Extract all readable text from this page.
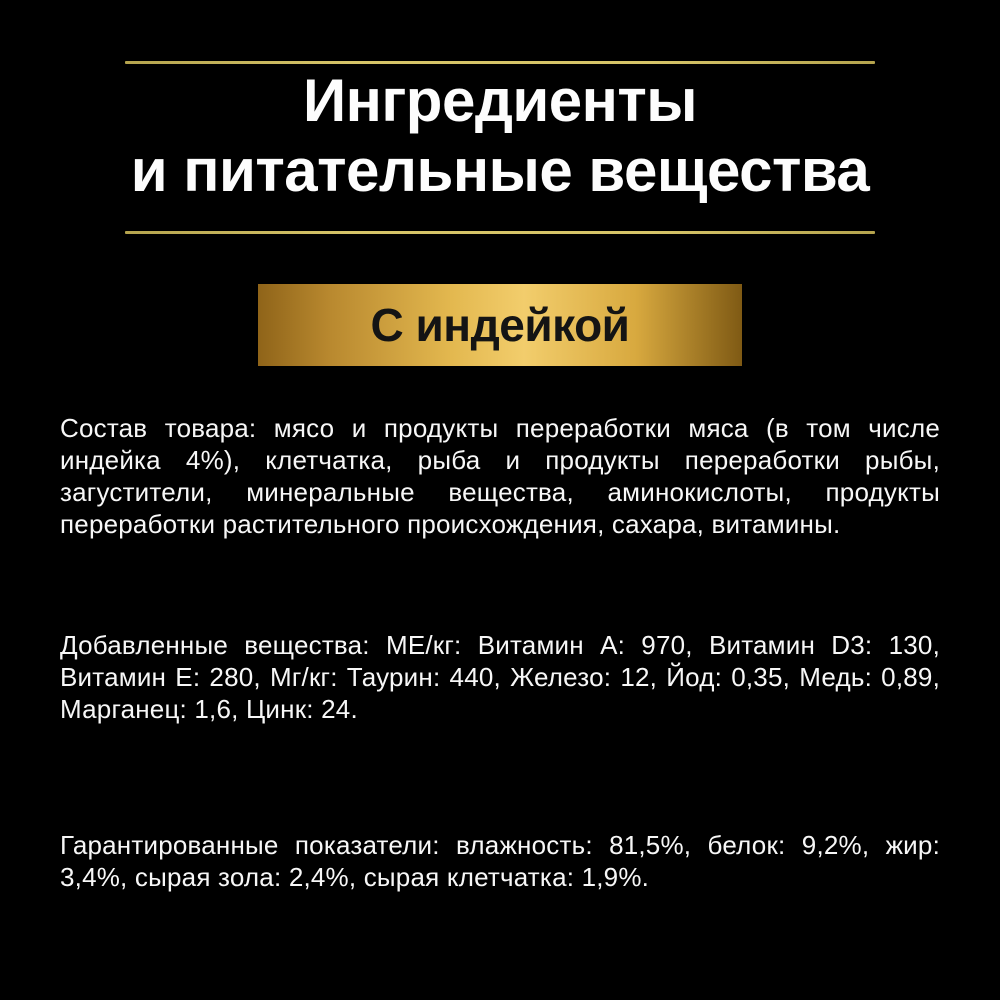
Ингредиенты
и питательные вещества
С индейкой

Состав товара: мясо и продукты переработки мяса (в том числе индейка 4%), клетчатка, рыба и продукты переработки рыбы, загустители, минеральные вещества, аминокислоты, продукты переработки растительного происхождения, сахара, витамины.

Добавленные вещества: МЕ/кг: Витамин А: 970, Витамин D3: 130, Витамин Е: 280, Мг/кг: Таурин: 440, Железо: 12, Йод: 0,35, Медь: 0,89, Марганец: 1,6, Цинк: 24.

Гарантированные показатели: влажность: 81,5%, белок: 9,2%, жир: 3,4%, сырая зола: 2,4%, сырая клетчатка: 1,9%.
